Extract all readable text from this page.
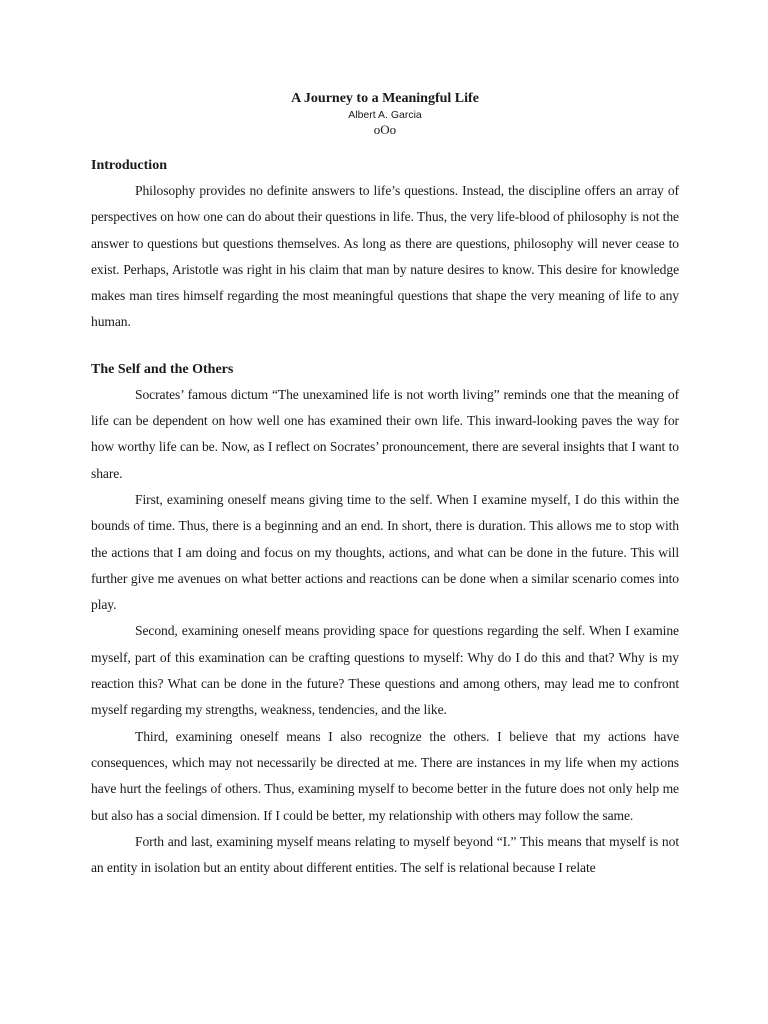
A Journey to a Meaningful Life

Albert A. Garcia

oOo

Introduction

Philosophy provides no definite answers to life’s questions. Instead, the discipline offers an array of perspectives on how one can do about their questions in life. Thus, the very life-blood of philosophy is not the answer to questions but questions themselves. As long as there are questions, philosophy will never cease to exist. Perhaps, Aristotle was right in his claim that man by nature desires to know. This desire for knowledge makes man tires himself regarding the most meaningful questions that shape the very meaning of life to any human.

The Self and the Others

Socrates’ famous dictum “The unexamined life is not worth living” reminds one that the meaning of life can be dependent on how well one has examined their own life. This inward-looking paves the way for how worthy life can be. Now, as I reflect on Socrates’ pronouncement, there are several insights that I want to share.

First, examining oneself means giving time to the self. When I examine myself, I do this within the bounds of time. Thus, there is a beginning and an end. In short, there is duration. This allows me to stop with the actions that I am doing and focus on my thoughts, actions, and what can be done in the future. This will further give me avenues on what better actions and reactions can be done when a similar scenario comes into play.

Second, examining oneself means providing space for questions regarding the self. When I examine myself, part of this examination can be crafting questions to myself: Why do I do this and that? Why is my reaction this? What can be done in the future? These questions and among others, may lead me to confront myself regarding my strengths, weakness, tendencies, and the like.

Third, examining oneself means I also recognize the others. I believe that my actions have consequences, which may not necessarily be directed at me. There are instances in my life when my actions have hurt the feelings of others. Thus, examining myself to become better in the future does not only help me but also has a social dimension. If I could be better, my relationship with others may follow the same.

Forth and last, examining myself means relating to myself beyond “I.” This means that myself is not an entity in isolation but an entity about different entities. The self is relational because I relate
